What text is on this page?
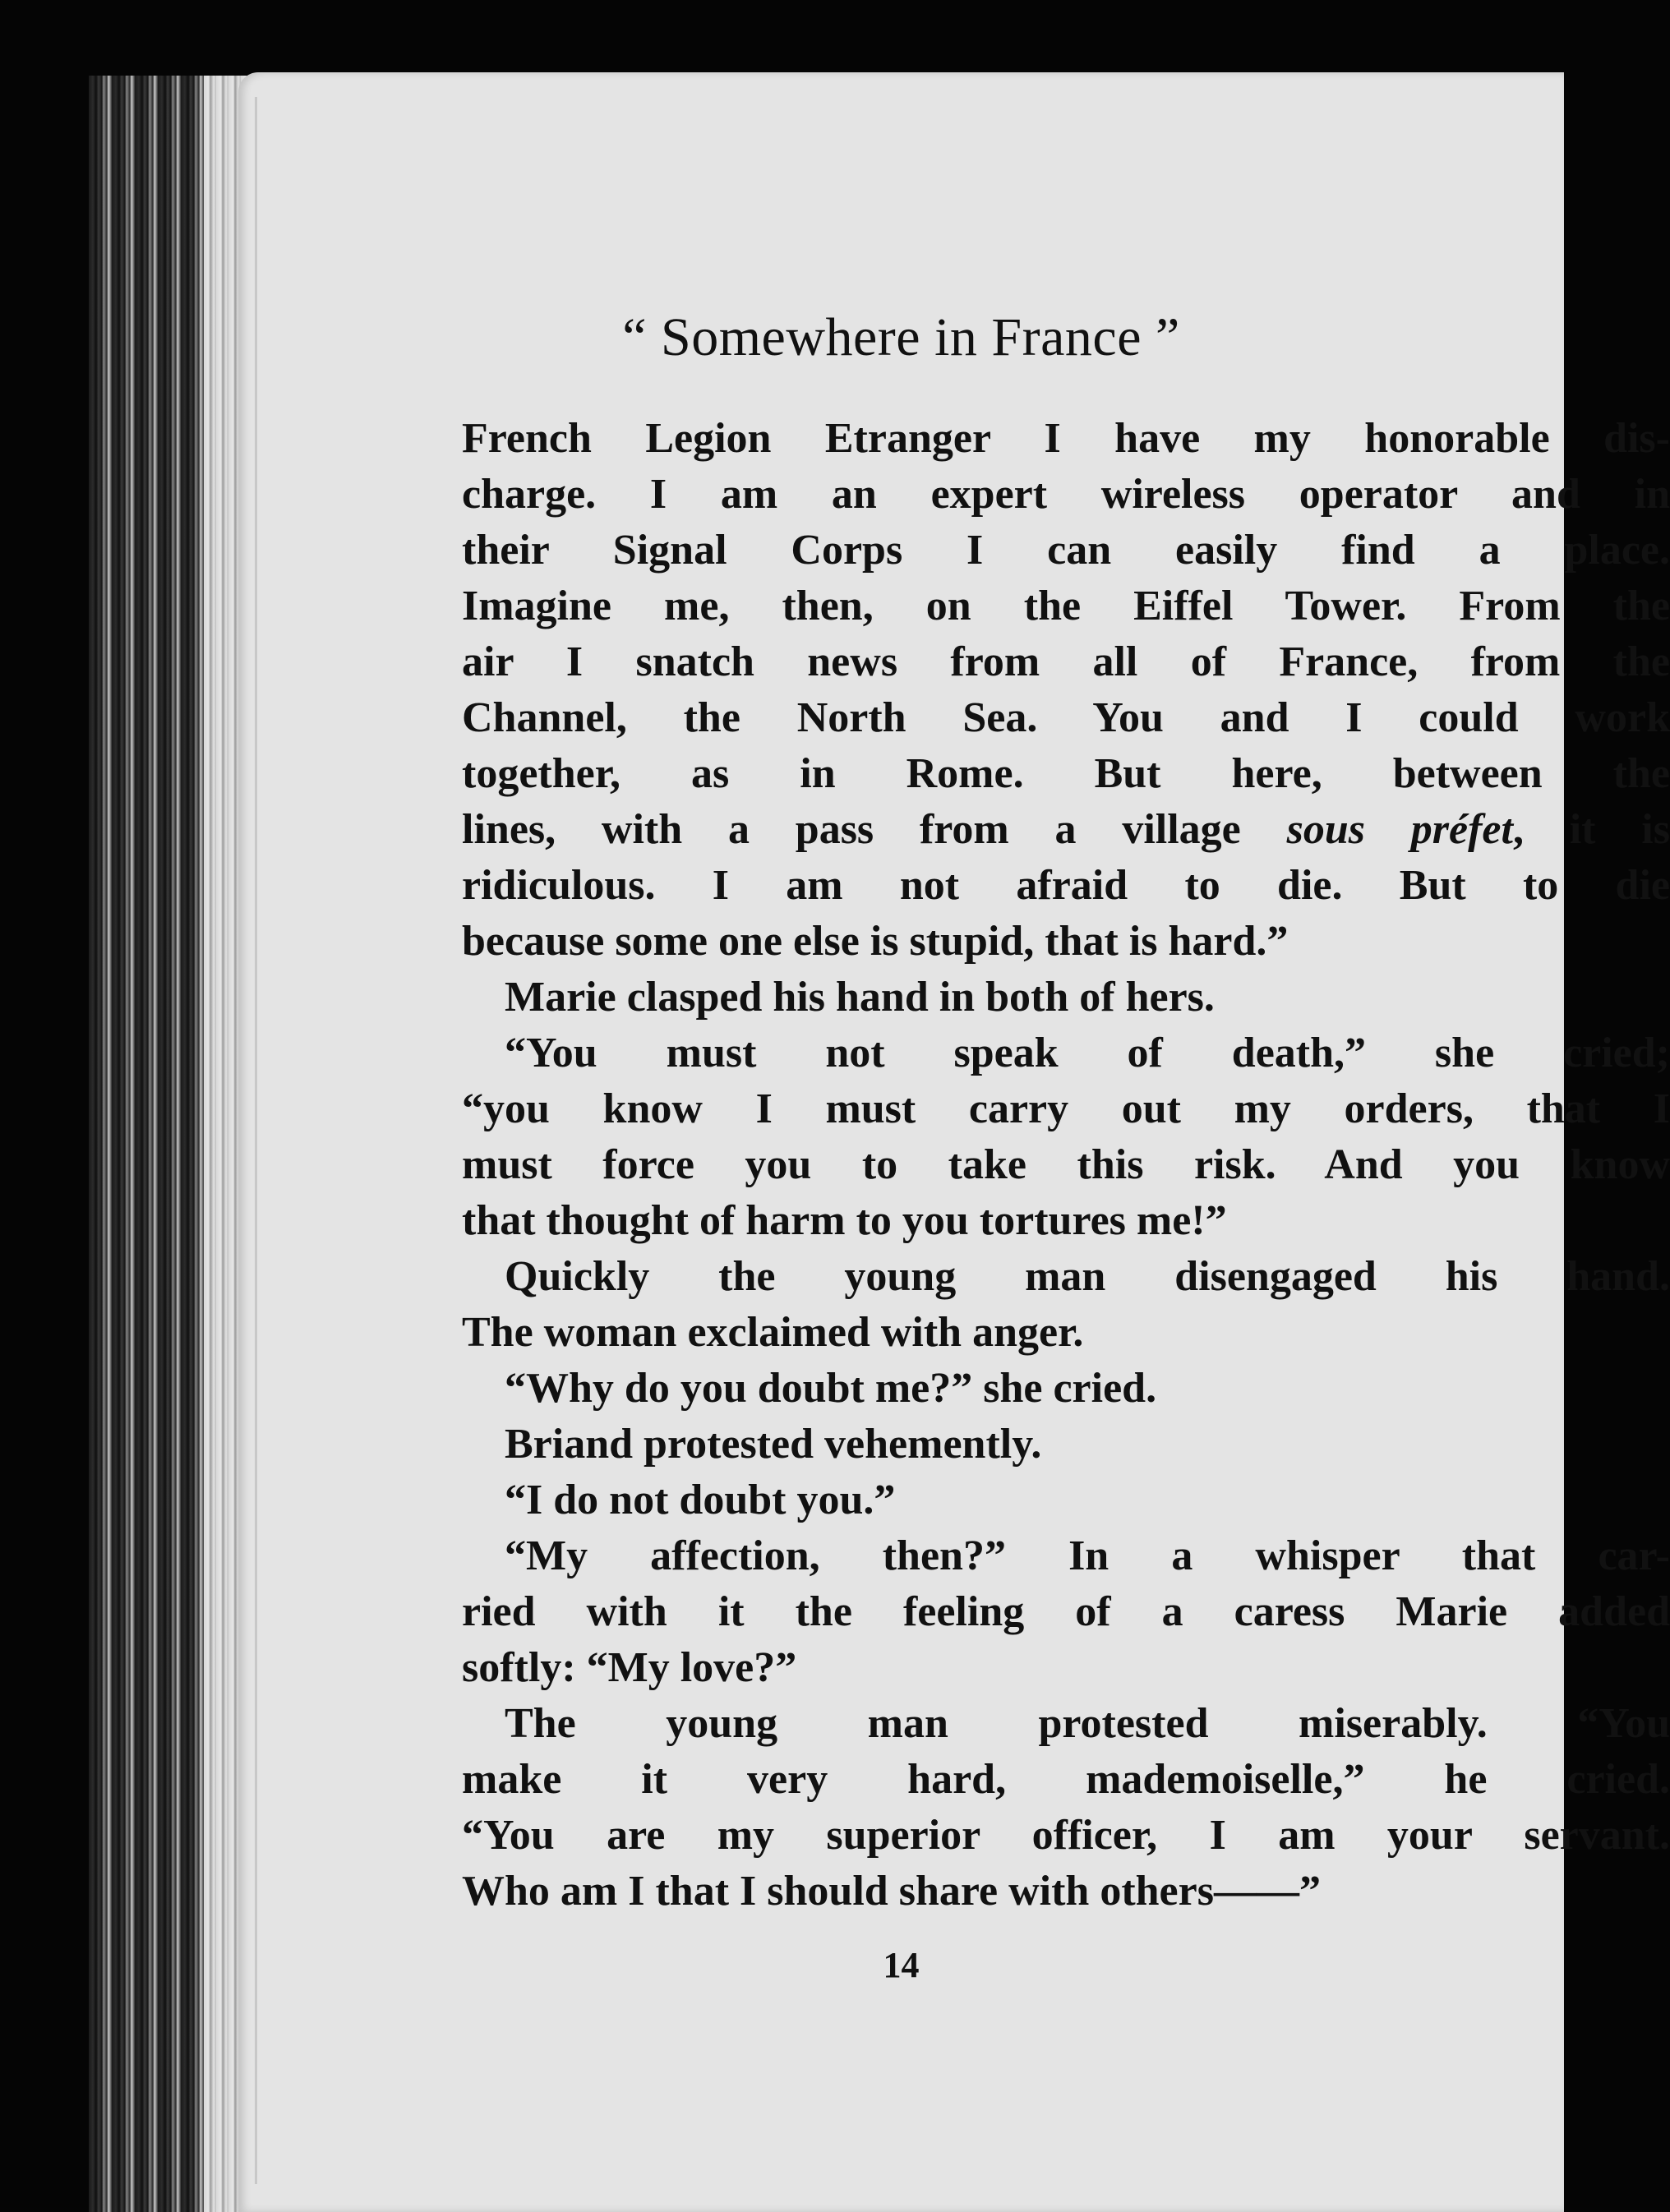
“ Somewhere in France ”
French Legion Etranger I have my honorable dis-
charge. I am an expert wireless operator and in
their Signal Corps I can easily find a place.
Imagine me, then, on the Eiffel Tower. From the
air I snatch news from all of France, from the
Channel, the North Sea. You and I could work
together, as in Rome. But here, between the
lines, with a pass from a village sous préfet, it is
ridiculous. I am not afraid to die. But to die
because some one else is stupid, that is hard.”
Marie clasped his hand in both of hers.
“You must not speak of death,” she cried;
“you know I must carry out my orders, that I
must force you to take this risk. And you know
that thought of harm to you tortures me!”
Quickly the young man disengaged his hand.
The woman exclaimed with anger.
“Why do you doubt me?” she cried.
Briand protested vehemently.
“I do not doubt you.”
“My affection, then?” In a whisper that car-
ried with it the feeling of a caress Marie added
softly: “My love?”
The young man protested miserably. “You
make it very hard, mademoiselle,” he cried.
“You are my superior officer, I am your servant.
Who am I that I should share with others——”
14
